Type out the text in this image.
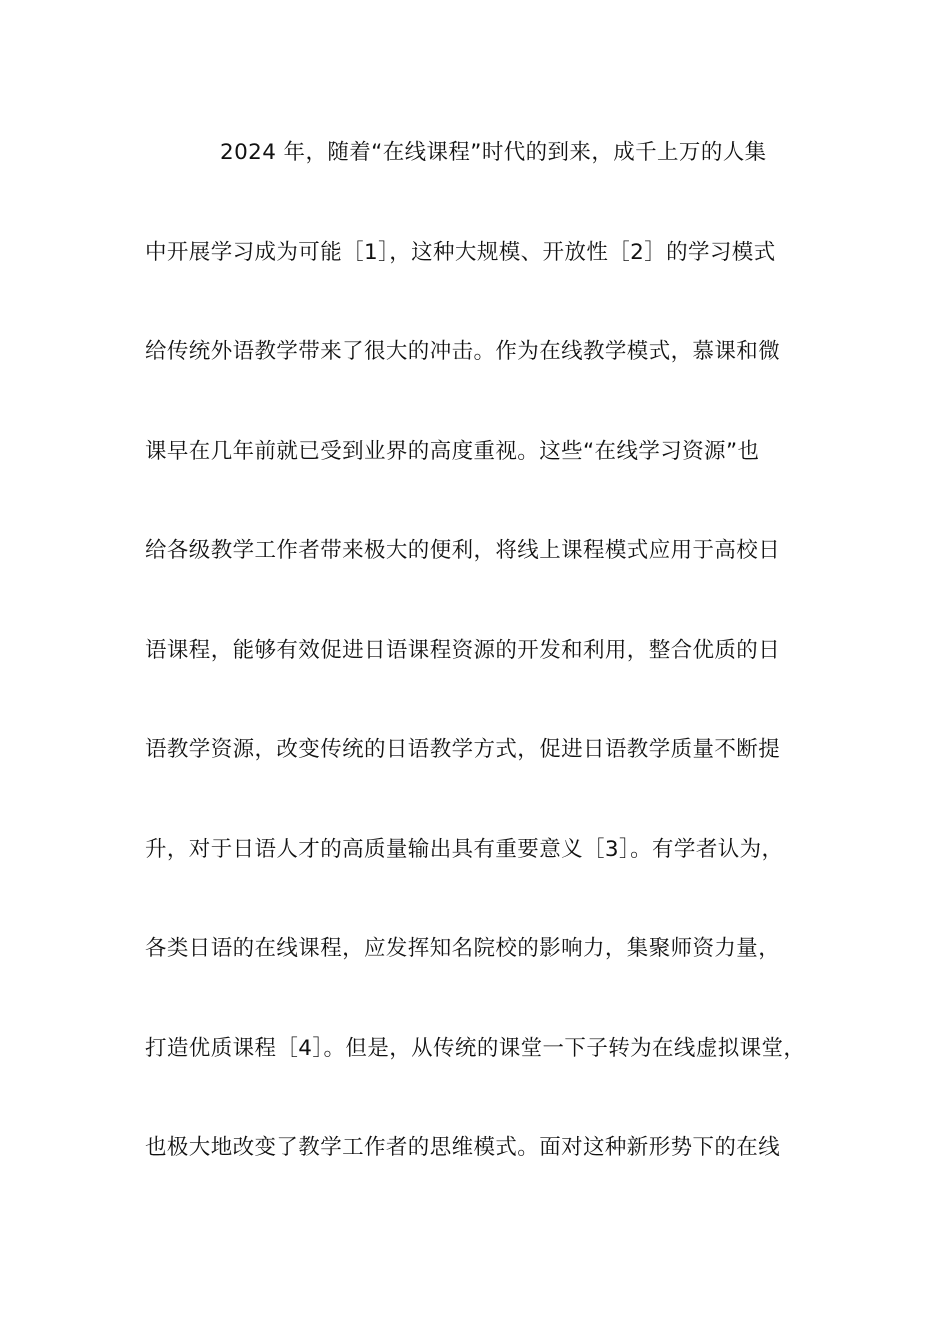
2024 年，随着“在线课程”时代的到来，成千上万的人集
中开展学习成为可能［1］，这种大规模、开放性［2］的学习模式
给传统外语教学带来了很大的冲击。作为在线教学模式，慕课和微
课早在几年前就已受到业界的高度重视。这些“在线学习资源”也
给各级教学工作者带来极大的便利，将线上课程模式应用于高校日
语课程，能够有效促进日语课程资源的开发和利用，整合优质的日
语教学资源，改变传统的日语教学方式，促进日语教学质量不断提
升，对于日语人才的高质量输出具有重要意义［3］。有学者认为，
各类日语的在线课程，应发挥知名院校的影响力，集聚师资力量，
打造优质课程［4］。但是，从传统的课堂一下子转为在线虚拟课堂，
也极大地改变了教学工作者的思维模式。面对这种新形势下的在线
